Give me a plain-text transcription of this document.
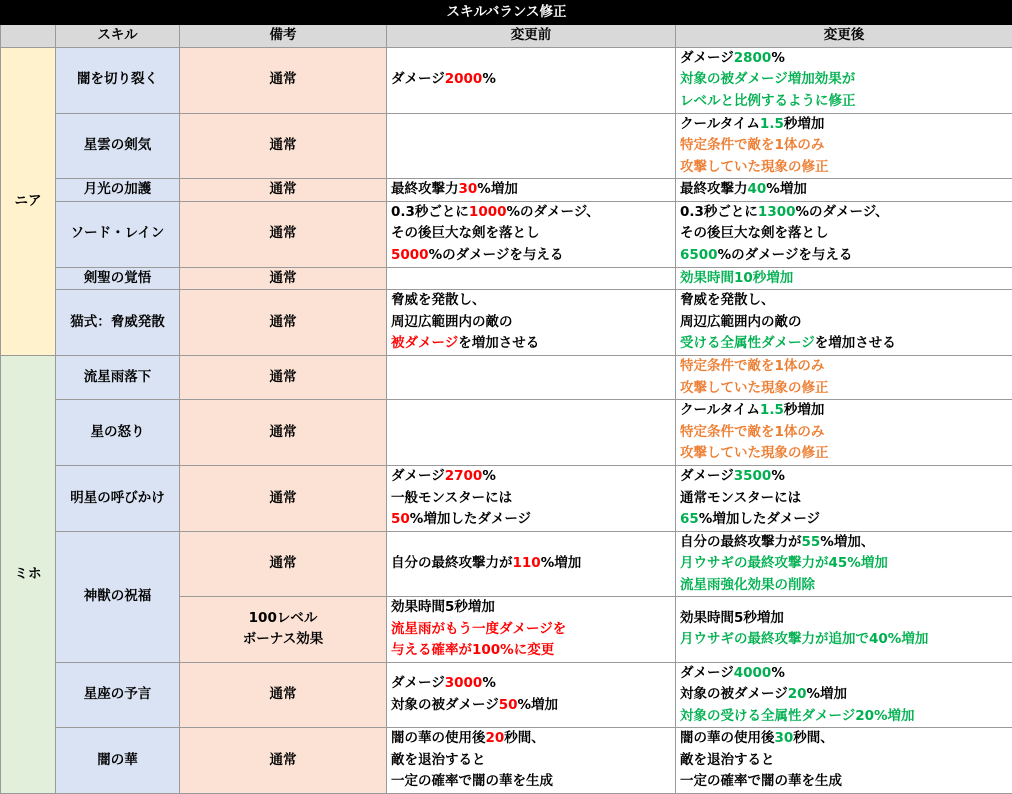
スキルバランス修正				
	スキル	備考	変更前	変更後
ニア	闇を切り裂く	通常	ダメージ2000%	ダメージ2800%
対象の被ダメージ増加効果が
レベルと比例するように修正

	星雲の剣気	通常		クールタイム1.5秒増加
特定条件で敵を1体のみ
攻撃していた現象の修正

	月光の加護	通常	最終攻撃力30%増加	最終攻撃力40%増加

	ソード・レイン	通常	0.3秒ごとに1000%のダメージ、
その後巨大な剣を落とし
5000%のダメージを与える	0.3秒ごとに1300%のダメージ、
その後巨大な剣を落とし
6500%のダメージを与える

	剣聖の覚悟	通常		効果時間10秒増加

	猫式：脅威発散	通常	脅威を発散し、
周辺広範囲内の敵の
被ダメージを増加させる	脅威を発散し、
周辺広範囲内の敵の
受ける全属性ダメージを増加させる

ミホ	流星雨落下	通常		特定条件で敵を1体のみ
攻撃していた現象の修正

	星の怒り	通常		クールタイム1.5秒増加
特定条件で敵を1体のみ
攻撃していた現象の修正

	明星の呼びかけ	通常	ダメージ2700%
一般モンスターには
50%増加したダメージ	ダメージ3500%
通常モンスターには
65%増加したダメージ

	神獣の祝福	通常	自分の最終攻撃力が110%増加	自分の最終攻撃力が55%増加、
月ウサギの最終攻撃力が45%増加
流星雨強化効果の削除

		100レベル
ボーナス効果	効果時間5秒増加
流星雨がもう一度ダメージを
与える確率が100%に変更	効果時間5秒増加
月ウサギの最終攻撃力が追加で40%増加

	星座の予言	通常	ダメージ3000%
対象の被ダメージ50%増加	ダメージ4000%
対象の被ダメージ20%増加
対象の受ける全属性ダメージ20%増加

	闇の華	通常	闇の華の使用後20秒間、
敵を退治すると
一定の確率で闇の華を生成	闇の華の使用後30秒間、
敵を退治すると
一定の確率で闇の華を生成
